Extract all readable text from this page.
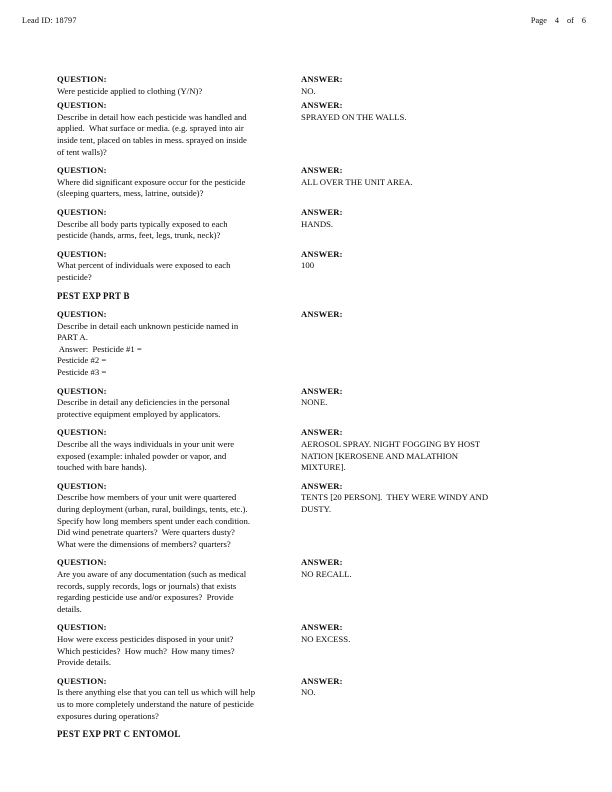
Lead ID: 18797	Page 4 of 6
QUESTION:
Were pesticide applied to clothing (Y/N)?
ANSWER:
NO.
QUESTION:
Describe in detail how each pesticide was handled and
applied.  What surface or media. (e.g. sprayed into air
inside tent, placed on tables in mess. sprayed on inside
of tent walls)?
ANSWER:
SPRAYED ON THE WALLS.
QUESTION:
Where did significant exposure occur for the pesticide
(sleeping quarters, mess, latrine, outside)?
ANSWER:
ALL OVER THE UNIT AREA.
QUESTION:
Describe all body parts typically exposed to each
pesticide (hands, arms, feet, legs, trunk, neck)?
ANSWER:
HANDS.
QUESTION:
What percent of individuals were exposed to each
pesticide?
ANSWER:
100
PEST EXP PRT B
QUESTION:
Describe in detail each unknown pesticide named in
PART A.
Answer:  Pesticide #1 =
Pesticide #2 =
Pesticide #3 =
ANSWER:
QUESTION:
Describe in detail any deficiencies in the personal
protective equipment employed by applicators.
ANSWER:
NONE.
QUESTION:
Describe all the ways individuals in your unit were
exposed (example: inhaled powder or vapor, and
touched with bare hands).
ANSWER:
AEROSOL SPRAY. NIGHT FOGGING BY HOST
NATION [KEROSENE AND MALATHION
MIXTURE].
QUESTION:
Describe how members of your unit were quartered
during deployment (urban, rural, buildings, tents, etc.).
Specify how long members spent under each condition.
Did wind penetrate quarters?  Were quarters dusty?
What were the dimensions of members? quarters?
ANSWER:
TENTS [20 PERSON].  THEY WERE WINDY AND
DUSTY.
QUESTION:
Are you aware of any documentation (such as medical
records, supply records, logs or journals) that exists
regarding pesticide use and/or exposures?  Provide
details.
ANSWER:
NO RECALL.
QUESTION:
How were excess pesticides disposed in your unit?
Which pesticides?  How much?  How many times?
Provide details.
ANSWER:
NO EXCESS.
QUESTION:
Is there anything else that you can tell us which will help
us to more completely understand the nature of pesticide
exposures during operations?
ANSWER:
NO.
PEST EXP PRT C ENTOMOL
